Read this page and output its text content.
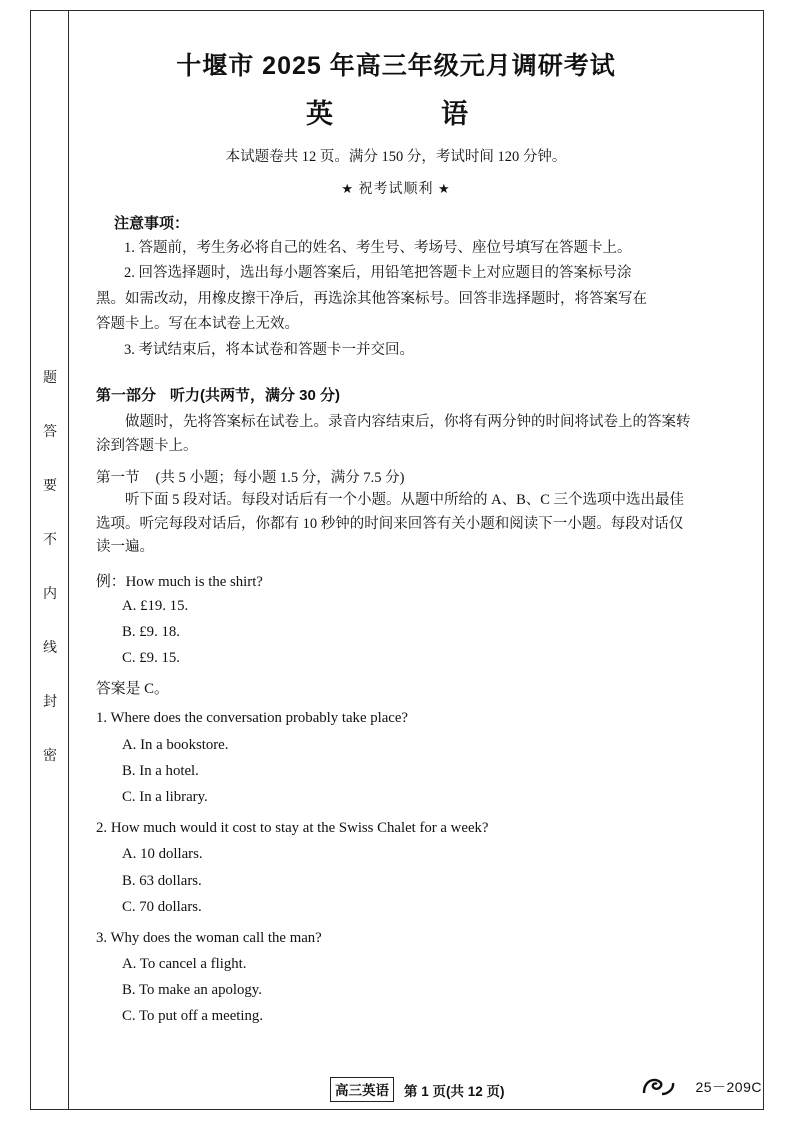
题
答
要
不
内
线
封
密
十堰市 2025 年高三年级元月调研考试
英　　语
本试题卷共 12 页。满分 150 分，考试时间 120 分钟。
★ 祝考试顺利 ★
注意事项：
1. 答题前，考生务必将自己的姓名、考生号、考场号、座位号填写在答题卡上。
2. 回答选择题时，选出每小题答案后，用铅笔把答题卡上对应题目的答案标号涂
黑。如需改动，用橡皮擦干净后，再选涂其他答案标号。回答非选择题时，将答案写在
答题卡上。写在本试卷上无效。
3. 考试结束后，将本试卷和答题卡一并交回。
第一部分 听力(共两节，满分 30 分)
做题时，先将答案标在试卷上。录音内容结束后，你将有两分钟的时间将试卷上的答案转涂到答题卡上。
第一节 (共 5 小题；每小题 1.5 分，满分 7.5 分)
听下面 5 段对话。每段对话后有一个小题。从题中所给的 A、B、C 三个选项中选出最佳选项。听完每段对话后，你都有 10 秒钟的时间来回答有关小题和阅读下一小题。每段对话仅读一遍。
例：How much is the shirt?
A. £19. 15.
B. £9. 18.
C. £9. 15.
答案是 C。
1. Where does the conversation probably take place?
A. In a bookstore.
B. In a hotel.
C. In a library.
2. How much would it cost to stay at the Swiss Chalet for a week?
A. 10 dollars.
B. 63 dollars.
C. 70 dollars.
3. Why does the woman call the man?
A. To cancel a flight.
B. To make an apology.
C. To put off a meeting.
高三英语	第 1 页(共 12 页)	25－209C
